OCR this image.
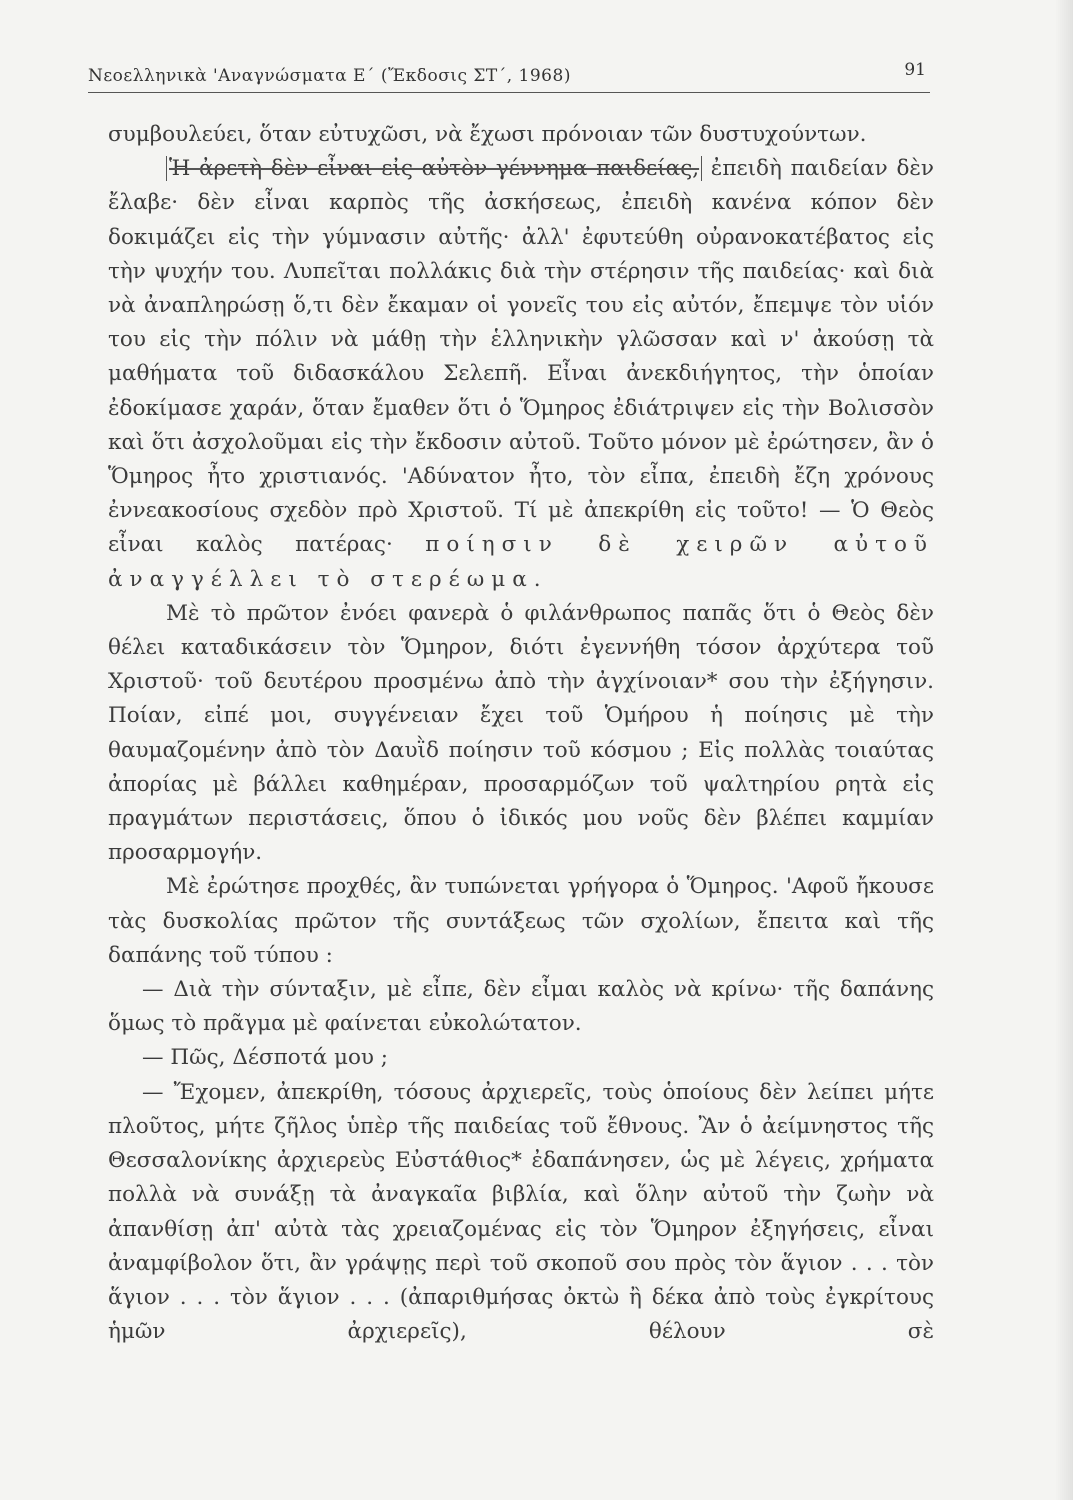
Νεοελληνικὰ 'Αναγνώσματα Ε΄ (Ἔκδοσις ΣΤ΄, 1968)	91

συμβουλεύει, ὅταν εὐτυχῶσι, νὰ ἔχωσι πρόνοιαν τῶν δυστυχούντων.

Ἡ ἀρετὴ δὲν εἶναι εἰς αὐτὸν γέννημα παιδείας, ἐπειδὴ παιδείαν δὲν ἔλαβε· δὲν εἶναι καρπὸς τῆς ἀσκήσεως, ἐπειδὴ κανένα κόπον δὲν δοκιμάζει εἰς τὴν γύμνασιν αὐτῆς· ἀλλ' ἐφυτεύθη οὐρανοκατέβατος εἰς τὴν ψυχήν του. Λυπεῖται πολλάκις διὰ τὴν στέρησιν τῆς παιδείας· καὶ διὰ νὰ ἀναπληρώσῃ ὅ,τι δὲν ἔκαμαν οἱ γονεῖς του εἰς αὐτόν, ἔπεμψε τὸν υἱόν του εἰς τὴν πόλιν νὰ μάθῃ τὴν ἑλληνικὴν γλῶσσαν καὶ ν' ἀκούσῃ τὰ μαθήματα τοῦ διδασκάλου Σελεπῆ. Εἶναι ἀνεκδιήγητος, τὴν ὁποίαν ἐδοκίμασε χαράν, ὅταν ἔμαθεν ὅτι ὁ Ὅμηρος ἐδιάτριψεν εἰς τὴν Βολισσὸν καὶ ὅτι ἀσχολοῦμαι εἰς τὴν ἔκδοσιν αὐτοῦ. Τοῦτο μόνον μὲ ἐρώτησεν, ἂν ὁ Ὅμηρος ἦτο χριστιανός. 'Αδύνατον ἦτο, τὸν εἶπα, ἐπειδὴ ἔζη χρόνους ἐννεακοσίους σχεδὸν πρὸ Χριστοῦ. Τί μὲ ἀπεκρίθη εἰς τοῦτο! — Ὁ Θεὸς εἶναι καλὸς πατέρας· ποίησιν δὲ χειρῶν αὐτοῦ ἀναγγέλλει τὸ στερέωμα.

Μὲ τὸ πρῶτον ἐνόει φανερὰ ὁ φιλάνθρωπος παπᾶς ὅτι ὁ Θεὸς δὲν θέλει καταδικάσειν τὸν Ὅμηρον, διότι ἐγεννήθη τόσον ἀρχύτερα τοῦ Χριστοῦ· τοῦ δευτέρου προσμένω ἀπὸ τὴν ἀγχίνοιαν* σου τὴν ἐξήγησιν. Ποίαν, εἰπέ μοι, συγγένειαν ἔχει τοῦ Ὁμήρου ἡ ποίησις μὲ τὴν θαυμαζομένην ἀπὸ τὸν Δαυῒδ ποίησιν τοῦ κόσμου ; Εἰς πολλὰς τοιαύτας ἀπορίας μὲ βάλλει καθημέραν, προσαρμόζων τοῦ ψαλτηρίου ρητὰ εἰς πραγμάτων περιστάσεις, ὅπου ὁ ἰδικός μου νοῦς δὲν βλέπει καμμίαν προσαρμογήν.

Μὲ ἐρώτησε προχθές, ἂν τυπώνεται γρήγορα ὁ Ὅμηρος. 'Αφοῦ ἤκουσε τὰς δυσκολίας πρῶτον τῆς συντάξεως τῶν σχολίων, ἔπειτα καὶ τῆς δαπάνης τοῦ τύπου :

— Διὰ τὴν σύνταξιν, μὲ εἶπε, δὲν εἶμαι καλὸς νὰ κρίνω· τῆς δαπάνης ὅμως τὸ πρᾶγμα μὲ φαίνεται εὐκολώτατον.

— Πῶς, Δέσποτά μου ;

— Ἔχομεν, ἀπεκρίθη, τόσους ἀρχιερεῖς, τοὺς ὁποίους δὲν λείπει μήτε πλοῦτος, μήτε ζῆλος ὑπὲρ τῆς παιδείας τοῦ ἔθνους. Ἂν ὁ ἀείμνηστος τῆς Θεσσαλονίκης ἀρχιερεὺς Εὐστάθιος* ἐδαπάνησεν, ὡς μὲ λέγεις, χρήματα πολλὰ νὰ συνάξῃ τὰ ἀναγκαῖα βιβλία, καὶ ὅλην αὐτοῦ τὴν ζωὴν νὰ ἀπανθίσῃ ἀπ' αὐτὰ τὰς χρειαζομένας εἰς τὸν Ὅμηρον ἐξηγήσεις, εἶναι ἀναμφίβολον ὅτι, ἂν γράψῃς περὶ τοῦ σκοποῦ σου πρὸς τὸν ἅγιον . . . τὸν ἅγιον . . . τὸν ἅγιον . . . (ἀπαριθμήσας ὀκτὼ ἢ δέκα ἀπὸ τοὺς ἐγκρίτους ἡμῶν ἀρχιερεῖς), θέλουν σὲ
